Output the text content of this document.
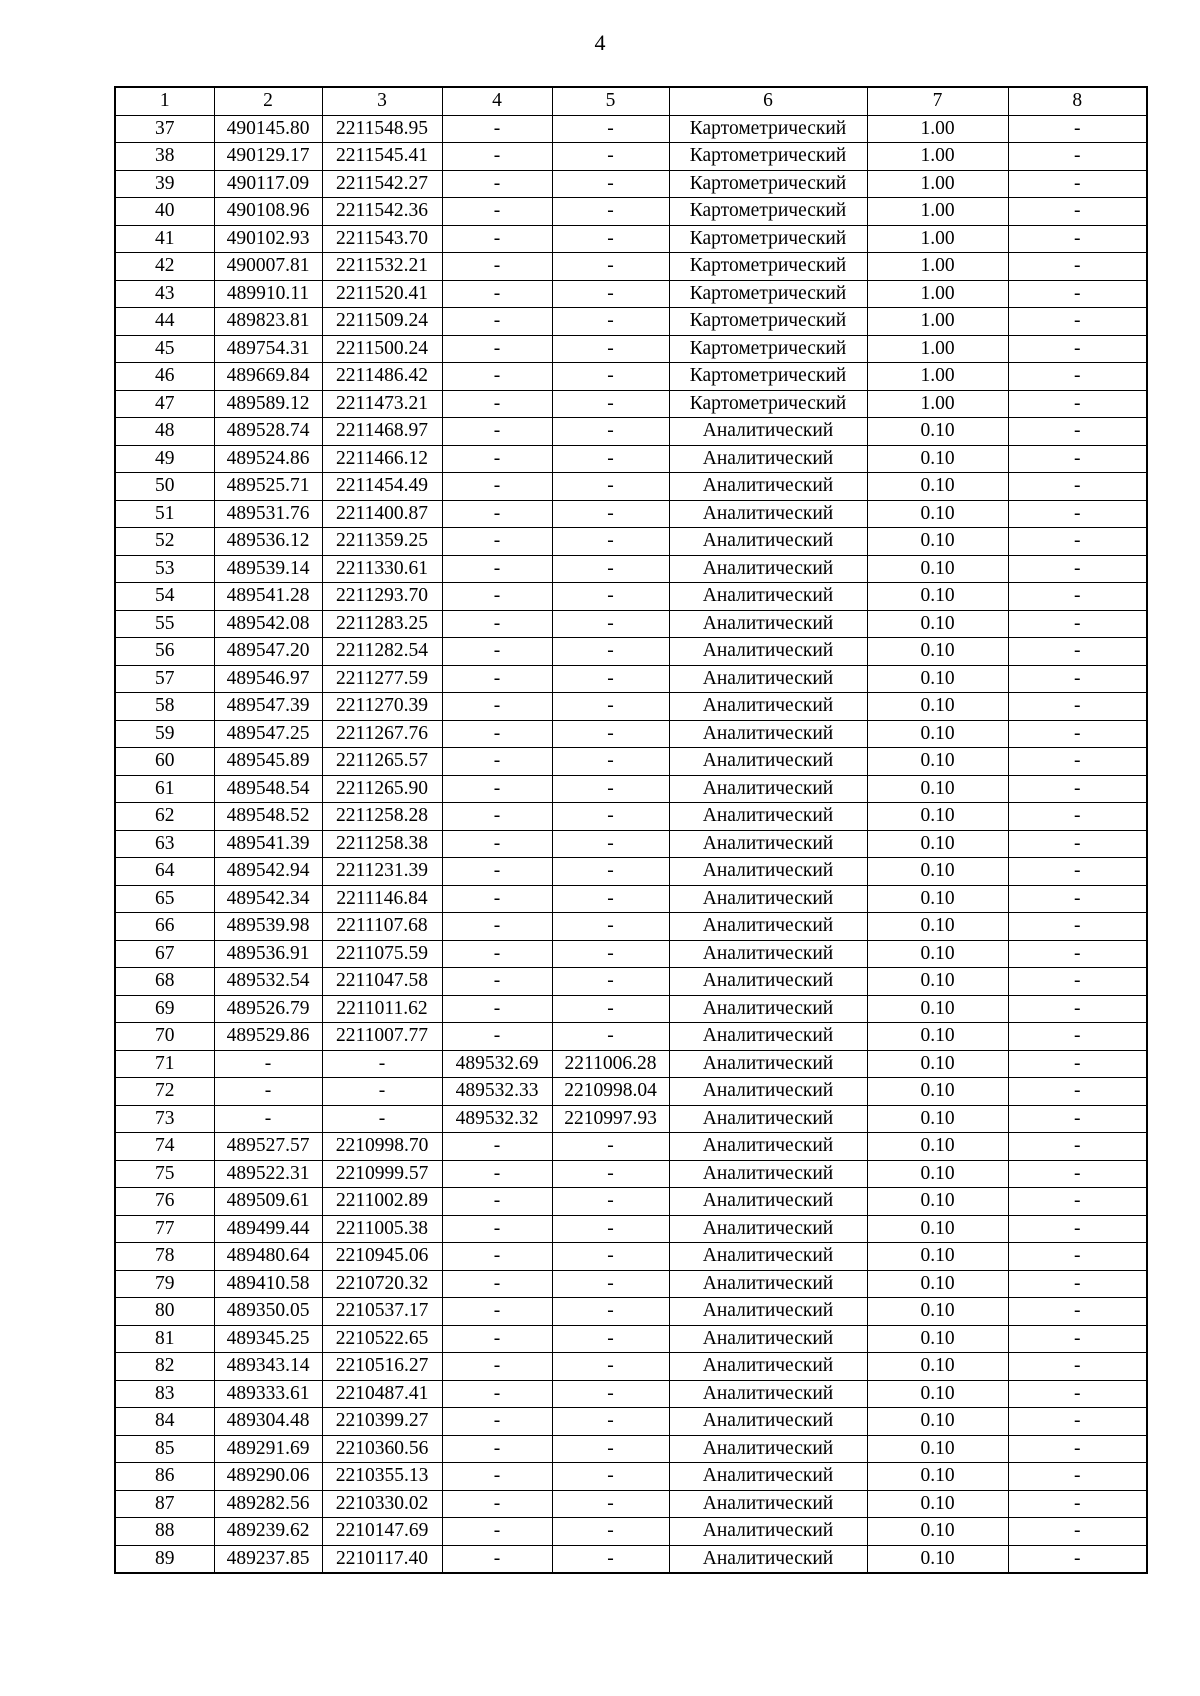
4
1	2	3	4	5	6	7	8
37	490145.80	2211548.95	-	-	Картометрический	1.00	-
38	490129.17	2211545.41	-	-	Картометрический	1.00	-
39	490117.09	2211542.27	-	-	Картометрический	1.00	-
40	490108.96	2211542.36	-	-	Картометрический	1.00	-
41	490102.93	2211543.70	-	-	Картометрический	1.00	-
42	490007.81	2211532.21	-	-	Картометрический	1.00	-
43	489910.11	2211520.41	-	-	Картометрический	1.00	-
44	489823.81	2211509.24	-	-	Картометрический	1.00	-
45	489754.31	2211500.24	-	-	Картометрический	1.00	-
46	489669.84	2211486.42	-	-	Картометрический	1.00	-
47	489589.12	2211473.21	-	-	Картометрический	1.00	-
48	489528.74	2211468.97	-	-	Аналитический	0.10	-
49	489524.86	2211466.12	-	-	Аналитический	0.10	-
50	489525.71	2211454.49	-	-	Аналитический	0.10	-
51	489531.76	2211400.87	-	-	Аналитический	0.10	-
52	489536.12	2211359.25	-	-	Аналитический	0.10	-
53	489539.14	2211330.61	-	-	Аналитический	0.10	-
54	489541.28	2211293.70	-	-	Аналитический	0.10	-
55	489542.08	2211283.25	-	-	Аналитический	0.10	-
56	489547.20	2211282.54	-	-	Аналитический	0.10	-
57	489546.97	2211277.59	-	-	Аналитический	0.10	-
58	489547.39	2211270.39	-	-	Аналитический	0.10	-
59	489547.25	2211267.76	-	-	Аналитический	0.10	-
60	489545.89	2211265.57	-	-	Аналитический	0.10	-
61	489548.54	2211265.90	-	-	Аналитический	0.10	-
62	489548.52	2211258.28	-	-	Аналитический	0.10	-
63	489541.39	2211258.38	-	-	Аналитический	0.10	-
64	489542.94	2211231.39	-	-	Аналитический	0.10	-
65	489542.34	2211146.84	-	-	Аналитический	0.10	-
66	489539.98	2211107.68	-	-	Аналитический	0.10	-
67	489536.91	2211075.59	-	-	Аналитический	0.10	-
68	489532.54	2211047.58	-	-	Аналитический	0.10	-
69	489526.79	2211011.62	-	-	Аналитический	0.10	-
70	489529.86	2211007.77	-	-	Аналитический	0.10	-
71	-	-	489532.69	2211006.28	Аналитический	0.10	-
72	-	-	489532.33	2210998.04	Аналитический	0.10	-
73	-	-	489532.32	2210997.93	Аналитический	0.10	-
74	489527.57	2210998.70	-	-	Аналитический	0.10	-
75	489522.31	2210999.57	-	-	Аналитический	0.10	-
76	489509.61	2211002.89	-	-	Аналитический	0.10	-
77	489499.44	2211005.38	-	-	Аналитический	0.10	-
78	489480.64	2210945.06	-	-	Аналитический	0.10	-
79	489410.58	2210720.32	-	-	Аналитический	0.10	-
80	489350.05	2210537.17	-	-	Аналитический	0.10	-
81	489345.25	2210522.65	-	-	Аналитический	0.10	-
82	489343.14	2210516.27	-	-	Аналитический	0.10	-
83	489333.61	2210487.41	-	-	Аналитический	0.10	-
84	489304.48	2210399.27	-	-	Аналитический	0.10	-
85	489291.69	2210360.56	-	-	Аналитический	0.10	-
86	489290.06	2210355.13	-	-	Аналитический	0.10	-
87	489282.56	2210330.02	-	-	Аналитический	0.10	-
88	489239.62	2210147.69	-	-	Аналитический	0.10	-
89	489237.85	2210117.40	-	-	Аналитический	0.10	-
